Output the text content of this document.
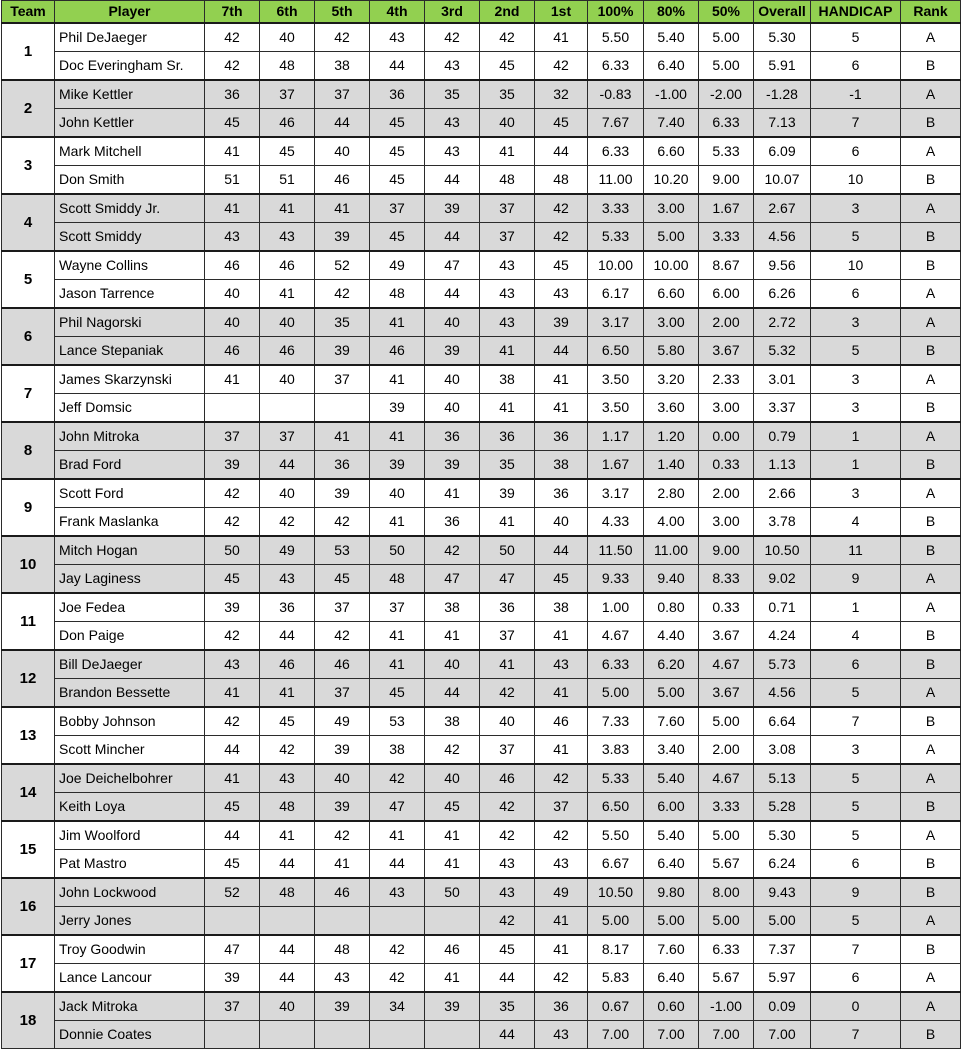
Team	Player	7th	6th	5th	4th	3rd	2nd	1st	100%	80%	50%	Overall	HANDICAP	Rank
1	Phil DeJaeger	42	40	42	43	42	42	41	5.50	5.40	5.00	5.30	5	A
	Doc Everingham Sr.	42	48	38	44	43	45	42	6.33	6.40	5.00	5.91	6	B
2	Mike Kettler	36	37	37	36	35	35	32	-0.83	-1.00	-2.00	-1.28	-1	A
	John Kettler	45	46	44	45	43	40	45	7.67	7.40	6.33	7.13	7	B
3	Mark Mitchell	41	45	40	45	43	41	44	6.33	6.60	5.33	6.09	6	A
	Don Smith	51	51	46	45	44	48	48	11.00	10.20	9.00	10.07	10	B
4	Scott Smiddy Jr.	41	41	41	37	39	37	42	3.33	3.00	1.67	2.67	3	A
	Scott Smiddy	43	43	39	45	44	37	42	5.33	5.00	3.33	4.56	5	B
5	Wayne Collins	46	46	52	49	47	43	45	10.00	10.00	8.67	9.56	10	B
	Jason Tarrence	40	41	42	48	44	43	43	6.17	6.60	6.00	6.26	6	A
6	Phil Nagorski	40	40	35	41	40	43	39	3.17	3.00	2.00	2.72	3	A
	Lance Stepaniak	46	46	39	46	39	41	44	6.50	5.80	3.67	5.32	5	B
7	James Skarzynski	41	40	37	41	40	38	41	3.50	3.20	2.33	3.01	3	A
	Jeff Domsic				39	40	41	41	3.50	3.60	3.00	3.37	3	B
8	John Mitroka	37	37	41	41	36	36	36	1.17	1.20	0.00	0.79	1	A
	Brad Ford	39	44	36	39	39	35	38	1.67	1.40	0.33	1.13	1	B
9	Scott Ford	42	40	39	40	41	39	36	3.17	2.80	2.00	2.66	3	A
	Frank Maslanka	42	42	42	41	36	41	40	4.33	4.00	3.00	3.78	4	B
10	Mitch Hogan	50	49	53	50	42	50	44	11.50	11.00	9.00	10.50	11	B
	Jay Laginess	45	43	45	48	47	47	45	9.33	9.40	8.33	9.02	9	A
11	Joe Fedea	39	36	37	37	38	36	38	1.00	0.80	0.33	0.71	1	A
	Don Paige	42	44	42	41	41	37	41	4.67	4.40	3.67	4.24	4	B
12	Bill DeJaeger	43	46	46	41	40	41	43	6.33	6.20	4.67	5.73	6	B
	Brandon Bessette	41	41	37	45	44	42	41	5.00	5.00	3.67	4.56	5	A
13	Bobby Johnson	42	45	49	53	38	40	46	7.33	7.60	5.00	6.64	7	B
	Scott Mincher	44	42	39	38	42	37	41	3.83	3.40	2.00	3.08	3	A
14	Joe Deichelbohrer	41	43	40	42	40	46	42	5.33	5.40	4.67	5.13	5	A
	Keith Loya	45	48	39	47	45	42	37	6.50	6.00	3.33	5.28	5	B
15	Jim Woolford	44	41	42	41	41	42	42	5.50	5.40	5.00	5.30	5	A
	Pat Mastro	45	44	41	44	41	43	43	6.67	6.40	5.67	6.24	6	B
16	John Lockwood	52	48	46	43	50	43	49	10.50	9.80	8.00	9.43	9	B
	Jerry Jones						42	41	5.00	5.00	5.00	5.00	5	A
17	Troy Goodwin	47	44	48	42	46	45	41	8.17	7.60	6.33	7.37	7	B
	Lance Lancour	39	44	43	42	41	44	42	5.83	6.40	5.67	5.97	6	A
18	Jack Mitroka	37	40	39	34	39	35	36	0.67	0.60	-1.00	0.09	0	A
	Donnie Coates						44	43	7.00	7.00	7.00	7.00	7	B
